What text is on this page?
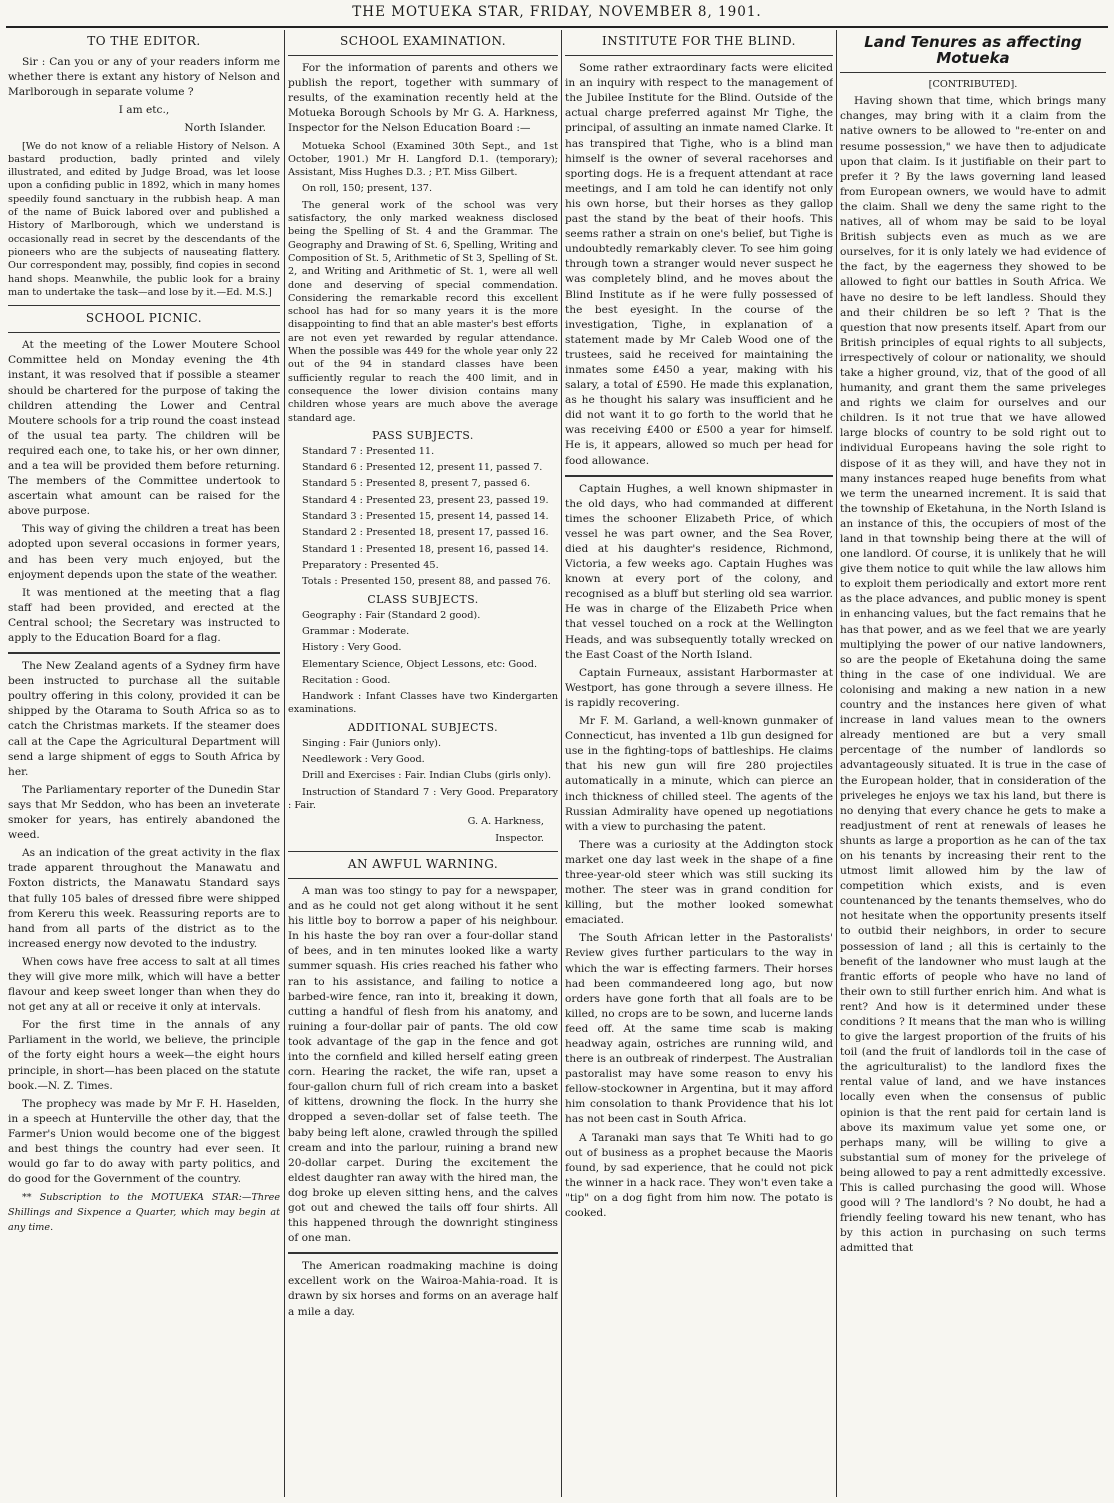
THE MOTUEKA STAR, FRIDAY, NOVEMBER 8, 1901.
TO THE EDITOR.

Sir : Can you or any of your readers inform me whether there is extant any history of Nelson and Marlborough in separate volume ?

I am etc.,

North Islander.

[We do not know of a reliable History of Nelson. A bastard production, badly printed and vilely illustrated, and edited by Judge Broad, was let loose upon a confiding public in 1892, which in many homes speedily found sanctuary in the rubbish heap. A man of the name of Buick labored over and published a History of Marlborough, which we understand is occasionally read in secret by the descendants of the pioneers who are the subjects of nauseating flattery. Our correspondent may, possibly, find copies in second hand shops. Meanwhile, the public look for a brainy man to undertake the task—and lose by it.—Ed. M.S.]

SCHOOL PICNIC.

At the meeting of the Lower Moutere School Committee held on Monday evening the 4th instant, it was resolved that if possible a steamer should be chartered for the purpose of taking the children attending the Lower and Central Moutere schools for a trip round the coast instead of the usual tea party. The children will be required each one, to take his, or her own dinner, and a tea will be provided them before returning. The members of the Committee undertook to ascertain what amount can be raised for the above purpose.

This way of giving the children a treat has been adopted upon several occasions in former years, and has been very much enjoyed, but the enjoyment depends upon the state of the weather.

It was mentioned at the meeting that a flag staff had been provided, and erected at the Central school; the Secretary was instructed to apply to the Education Board for a flag.

The New Zealand agents of a Sydney firm have been instructed to purchase all the suitable poultry offering in this colony, provided it can be shipped by the Otarama to South Africa so as to catch the Christmas markets. If the steamer does call at the Cape the Agricultural Department will send a large shipment of eggs to South Africa by her.

The Parliamentary reporter of the Dunedin Star says that Mr Seddon, who has been an inveterate smoker for years, has entirely abandoned the weed.

As an indication of the great activity in the flax trade apparent throughout the Manawatu and Foxton districts, the Manawatu Standard says that fully 105 bales of dressed fibre were shipped from Kereru this week. Reassuring reports are to hand from all parts of the district as to the increased energy now devoted to the industry.

When cows have free access to salt at all times they will give more milk, which will have a better flavour and keep sweet longer than when they do not get any at all or receive it only at intervals.

For the first time in the annals of any Parliament in the world, we believe, the principle of the forty eight hours a week—the eight hours principle, in short—has been placed on the statute book.—N. Z. Times.

The prophecy was made by Mr F. H. Haselden, in a speech at Hunterville the other day, that the Farmer's Union would become one of the biggest and best things the country had ever seen. It would go far to do away with party politics, and do good for the Government of the country.

** Subscription to the MOTUEKA STAR:—Three Shillings and Sixpence a Quarter, which may begin at any time.

SCHOOL EXAMINATION.

For the information of parents and others we publish the report, together with summary of results, of the examination recently held at the Motueka Borough Schools by Mr G. A. Harkness, Inspector for the Nelson Education Board :—

Motueka School (Examined 30th Sept., and 1st October, 1901.) Mr H. Langford D.1. (temporary); Assistant, Miss Hughes D.3. ; P.T. Miss Gilbert.

On roll, 150; present, 137.

The general work of the school was very satisfactory, the only marked weakness disclosed being the Spelling of St. 4 and the Grammar. The Geography and Drawing of St. 6, Spelling, Writing and Composition of St. 5, Arithmetic of St 3, Spelling of St. 2, and Writing and Arithmetic of St. 1, were all well done and deserving of special commendation. Considering the remarkable record this excellent school has had for so many years it is the more disappointing to find that an able master's best efforts are not even yet rewarded by regular attendance. When the possible was 449 for the whole year only 22 out of the 94 in standard classes have been sufficiently regular to reach the 400 limit, and in consequence the lower division contains many children whose years are much above the average standard age.

PASS SUBJECTS.

Standard 7 : Presented 11.

Standard 6 : Presented 12, present 11, passed 7.

Standard 5 : Presented 8, present 7, passed 6.

Standard 4 : Presented 23, present 23, passed 19.

Standard 3 : Presented 15, present 14, passed 14.

Standard 2 : Presented 18, present 17, passed 16.

Standard 1 : Presented 18, present 16, passed 14.

Preparatory : Presented 45.

Totals : Presented 150, present 88, and passed 76.

CLASS SUBJECTS.

Geography : Fair (Standard 2 good).

Grammar : Moderate.

History : Very Good.

Elementary Science, Object Lessons, etc: Good.

Recitation : Good.

Handwork : Infant Classes have two Kindergarten examinations.

ADDITIONAL SUBJECTS.

Singing : Fair (Juniors only).

Needlework : Very Good.

Drill and Exercises : Fair. Indian Clubs (girls only).

Instruction of Standard 7 : Very Good. Preparatory : Fair.

G. A. Harkness,

Inspector.

AN AWFUL WARNING.

A man was too stingy to pay for a newspaper, and as he could not get along without it he sent his little boy to borrow a paper of his neighbour. In his haste the boy ran over a four-dollar stand of bees, and in ten minutes looked like a warty summer squash. His cries reached his father who ran to his assistance, and failing to notice a barbed-wire fence, ran into it, breaking it down, cutting a handful of flesh from his anatomy, and ruining a four-dollar pair of pants. The old cow took advantage of the gap in the fence and got into the cornfield and killed herself eating green corn. Hearing the racket, the wife ran, upset a four-gallon churn full of rich cream into a basket of kittens, drowning the flock. In the hurry she dropped a seven-dollar set of false teeth. The baby being left alone, crawled through the spilled cream and into the parlour, ruining a brand new 20-dollar carpet. During the excitement the eldest daughter ran away with the hired man, the dog broke up eleven sitting hens, and the calves got out and chewed the tails off four shirts. All this happened through the downright stinginess of one man.

The American roadmaking machine is doing excellent work on the Wairoa-Mahia-road. It is drawn by six horses and forms on an average half a mile a day.

INSTITUTE FOR THE BLIND.

Some rather extraordinary facts were elicited in an inquiry with respect to the management of the Jubilee Institute for the Blind. Outside of the actual charge preferred against Mr Tighe, the principal, of assulting an inmate named Clarke. It has transpired that Tighe, who is a blind man himself is the owner of several racehorses and sporting dogs. He is a frequent attendant at race meetings, and I am told he can identify not only his own horse, but their horses as they gallop past the stand by the beat of their hoofs. This seems rather a strain on one's belief, but Tighe is undoubtedly remarkably clever. To see him going through town a stranger would never suspect he was completely blind, and he moves about the Blind Institute as if he were fully possessed of the best eyesight. In the course of the investigation, Tighe, in explanation of a statement made by Mr Caleb Wood one of the trustees, said he received for maintaining the inmates some £450 a year, making with his salary, a total of £590. He made this explanation, as he thought his salary was insufficient and he did not want it to go forth to the world that he was receiving £400 or £500 a year for himself. He is, it appears, allowed so much per head for food allowance.

Captain Hughes, a well known shipmaster in the old days, who had commanded at different times the schooner Elizabeth Price, of which vessel he was part owner, and the Sea Rover, died at his daughter's residence, Richmond, Victoria, a few weeks ago. Captain Hughes was known at every port of the colony, and recognised as a bluff but sterling old sea warrior. He was in charge of the Elizabeth Price when that vessel touched on a rock at the Wellington Heads, and was subsequently totally wrecked on the East Coast of the North Island.

Captain Furneaux, assistant Harbormaster at Westport, has gone through a severe illness. He is rapidly recovering.

Mr F. M. Garland, a well-known gunmaker of Connecticut, has invented a 1lb gun designed for use in the fighting-tops of battleships. He claims that his new gun will fire 280 projectiles automatically in a minute, which can pierce an inch thickness of chilled steel. The agents of the Russian Admirality have opened up negotiations with a view to purchasing the patent.

There was a curiosity at the Addington stock market one day last week in the shape of a fine three-year-old steer which was still sucking its mother. The steer was in grand condition for killing, but the mother looked somewhat emaciated.

The South African letter in the Pastoralists' Review gives further particulars to the way in which the war is effecting farmers. Their horses had been commandeered long ago, but now orders have gone forth that all foals are to be killed, no crops are to be sown, and lucerne lands feed off. At the same time scab is making headway again, ostriches are running wild, and there is an outbreak of rinderpest. The Australian pastoralist may have some reason to envy his fellow-stockowner in Argentina, but it may afford him consolation to thank Providence that his lot has not been cast in South Africa.

A Taranaki man says that Te Whiti had to go out of business as a prophet because the Maoris found, by sad experience, that he could not pick the winner in a hack race. They won't even take a "tip" on a dog fight from him now. The potato is cooked.

Land Tenures as affecting Motueka

[CONTRIBUTED].

Having shown that time, which brings many changes, may bring with it a claim from the native owners to be allowed to "re-enter on and resume possession," we have then to adjudicate upon that claim. Is it justifiable on their part to prefer it ? By the laws governing land leased from European owners, we would have to admit the claim. Shall we deny the same right to the natives, all of whom may be said to be loyal British subjects even as much as we are ourselves, for it is only lately we had evidence of the fact, by the eagerness they showed to be allowed to fight our battles in South Africa. We have no desire to be left landless. Should they and their children be so left ? That is the question that now presents itself. Apart from our British principles of equal rights to all subjects, irrespectively of colour or nationality, we should take a higher ground, viz, that of the good of all humanity, and grant them the same priveleges and rights we claim for ourselves and our children. Is it not true that we have allowed large blocks of country to be sold right out to individual Europeans having the sole right to dispose of it as they will, and have they not in many instances reaped huge benefits from what we term the unearned increment. It is said that the township of Eketahuna, in the North Island is an instance of this, the occupiers of most of the land in that township being there at the will of one landlord. Of course, it is unlikely that he will give them notice to quit while the law allows him to exploit them periodically and extort more rent as the place advances, and public money is spent in enhancing values, but the fact remains that he has that power, and as we feel that we are yearly multiplying the power of our native landowners, so are the people of Eketahuna doing the same thing in the case of one individual. We are colonising and making a new nation in a new country and the instances here given of what increase in land values mean to the owners already mentioned are but a very small percentage of the number of landlords so advantageously situated. It is true in the case of the European holder, that in consideration of the priveleges he enjoys we tax his land, but there is no denying that every chance he gets to make a readjustment of rent at renewals of leases he shunts as large a proportion as he can of the tax on his tenants by increasing their rent to the utmost limit allowed him by the law of competition which exists, and is even countenanced by the tenants themselves, who do not hesitate when the opportunity presents itself to outbid their neighbors, in order to secure possession of land ; all this is certainly to the benefit of the landowner who must laugh at the frantic efforts of people who have no land of their own to still further enrich him. And what is rent? And how is it determined under these conditions ? It means that the man who is willing to give the largest proportion of the fruits of his toil (and the fruit of landlords toil in the case of the agriculturalist) to the landlord fixes the rental value of land, and we have instances locally even when the consensus of public opinion is that the rent paid for certain land is above its maximum value yet some one, or perhaps many, will be willing to give a substantial sum of money for the privelege of being allowed to pay a rent admittedly excessive. This is called purchasing the good will. Whose good will ? The landlord's ? No doubt, he had a friendly feeling toward his new tenant, who has by this action in purchasing on such terms admitted that
